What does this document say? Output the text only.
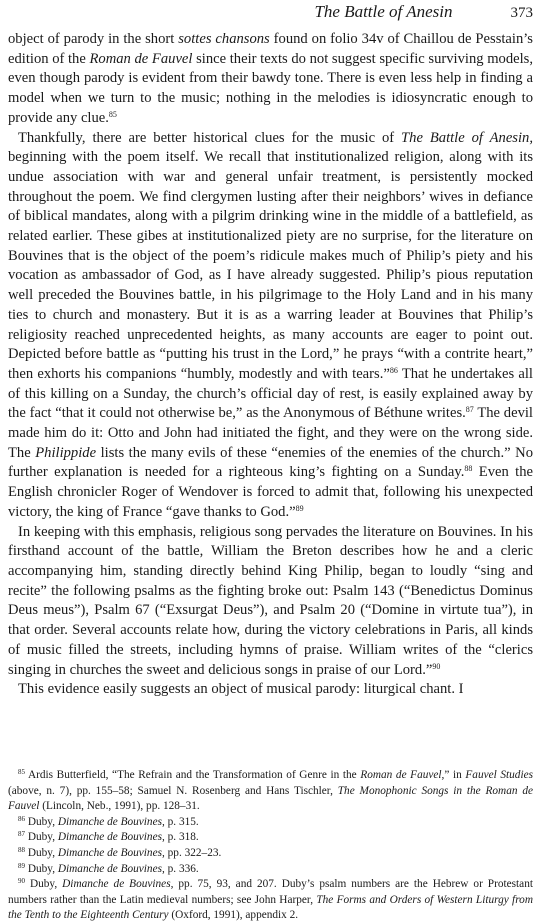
The Battle of Anesin	373

object of parody in the short sottes chansons found on folio 34v of Chaillou de Pesstain’s edition of the Roman de Fauvel since their texts do not suggest specific surviving models, even though parody is evident from their bawdy tone. There is even less help in finding a model when we turn to the music; nothing in the melodies is idiosyncratic enough to provide any clue.$^{85}$

Thankfully, there are better historical clues for the music of The Battle of Anesin, beginning with the poem itself. We recall that institutionalized religion, along with its undue association with war and general unfair treatment, is persistently mocked throughout the poem. We find clergymen lusting after their neighbors’ wives in defiance of biblical mandates, along with a pilgrim drinking wine in the middle of a battlefield, as related earlier. These gibes at institutionalized piety are no surprise, for the literature on Bouvines that is the object of the poem’s ridicule makes much of Philip’s piety and his vocation as ambassador of God, as I have already suggested. Philip’s pious reputation well preceded the Bouvines battle, in his pilgrimage to the Holy Land and in his many ties to church and monastery. But it is as a warring leader at Bouvines that Philip’s religiosity reached unprecedented heights, as many accounts are eager to point out. Depicted before battle as “putting his trust in the Lord,” he prays “with a contrite heart,” then exhorts his companions “humbly, modestly and with tears.”$^{86}$ That he undertakes all of this killing on a Sunday, the church’s official day of rest, is easily explained away by the fact “that it could not otherwise be,” as the Anonymous of Béthune writes.$^{87}$ The devil made him do it: Otto and John had initiated the fight, and they were on the wrong side. The Philippide lists the many evils of these “enemies of the enemies of the church.” No further explanation is needed for a righteous king’s fighting on a Sunday.$^{88}$ Even the English chronicler Roger of Wendover is forced to admit that, following his unexpected victory, the king of France “gave thanks to God.”$^{89}$

In keeping with this emphasis, religious song pervades the literature on Bouvines. In his firsthand account of the battle, William the Breton describes how he and a cleric accompanying him, standing directly behind King Philip, began to loudly “sing and recite” the following psalms as the fighting broke out: Psalm 143 (“Benedictus Dominus Deus meus”), Psalm 67 (“Exsurgat Deus”), and Psalm 20 (“Domine in virtute tua”), in that order. Several accounts relate how, during the victory celebrations in Paris, all kinds of music filled the streets, including hymns of praise. William writes of the “clerics singing in churches the sweet and delicious songs in praise of our Lord.”$^{90}$

This evidence easily suggests an object of musical parody: liturgical chant. I

$^{85}$ Ardis Butterfield, “The Refrain and the Transformation of Genre in the Roman de Fauvel,” in Fauvel Studies (above, n. 7), pp. 155–58; Samuel N. Rosenberg and Hans Tischler, The Monophonic Songs in the Roman de Fauvel (Lincoln, Neb., 1991), pp. 128–31.

$^{86}$ Duby, Dimanche de Bouvines, p. 315.

$^{87}$ Duby, Dimanche de Bouvines, p. 318.

$^{88}$ Duby, Dimanche de Bouvines, pp. 322–23.

$^{89}$ Duby, Dimanche de Bouvines, p. 336.

$^{90}$ Duby, Dimanche de Bouvines, pp. 75, 93, and 207. Duby’s psalm numbers are the Hebrew or Protestant numbers rather than the Latin medieval numbers; see John Harper, The Forms and Orders of Western Liturgy from the Tenth to the Eighteenth Century (Oxford, 1991), appendix 2.
